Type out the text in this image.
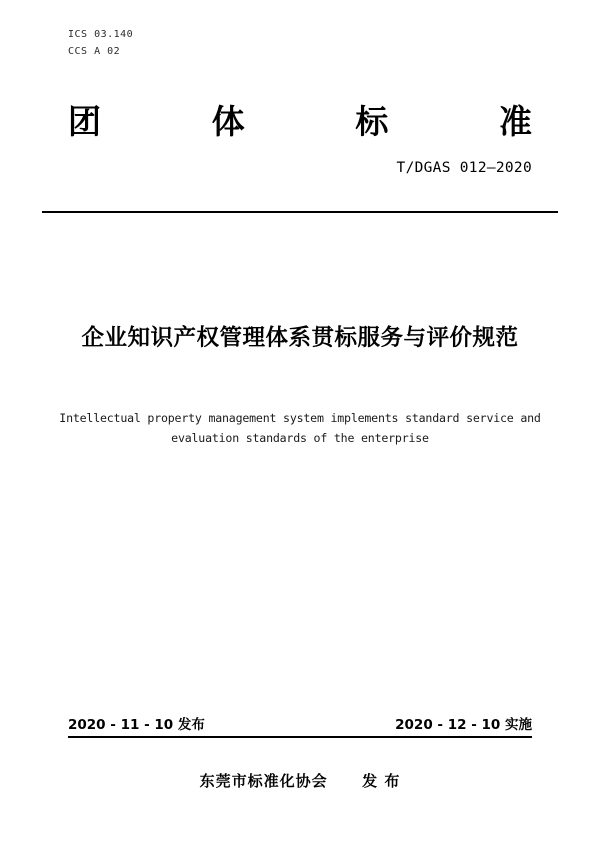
ICS 03.140
CCS A 02
团	体	标	准
T/DGAS 012—2020
企业知识产权管理体系贯标服务与评价规范
Intellectual property management system implements standard service and
evaluation standards of the enterprise
2020 - 11 - 10 发布	2020 - 12 - 10 实施
东莞市标准化协会 发 布
